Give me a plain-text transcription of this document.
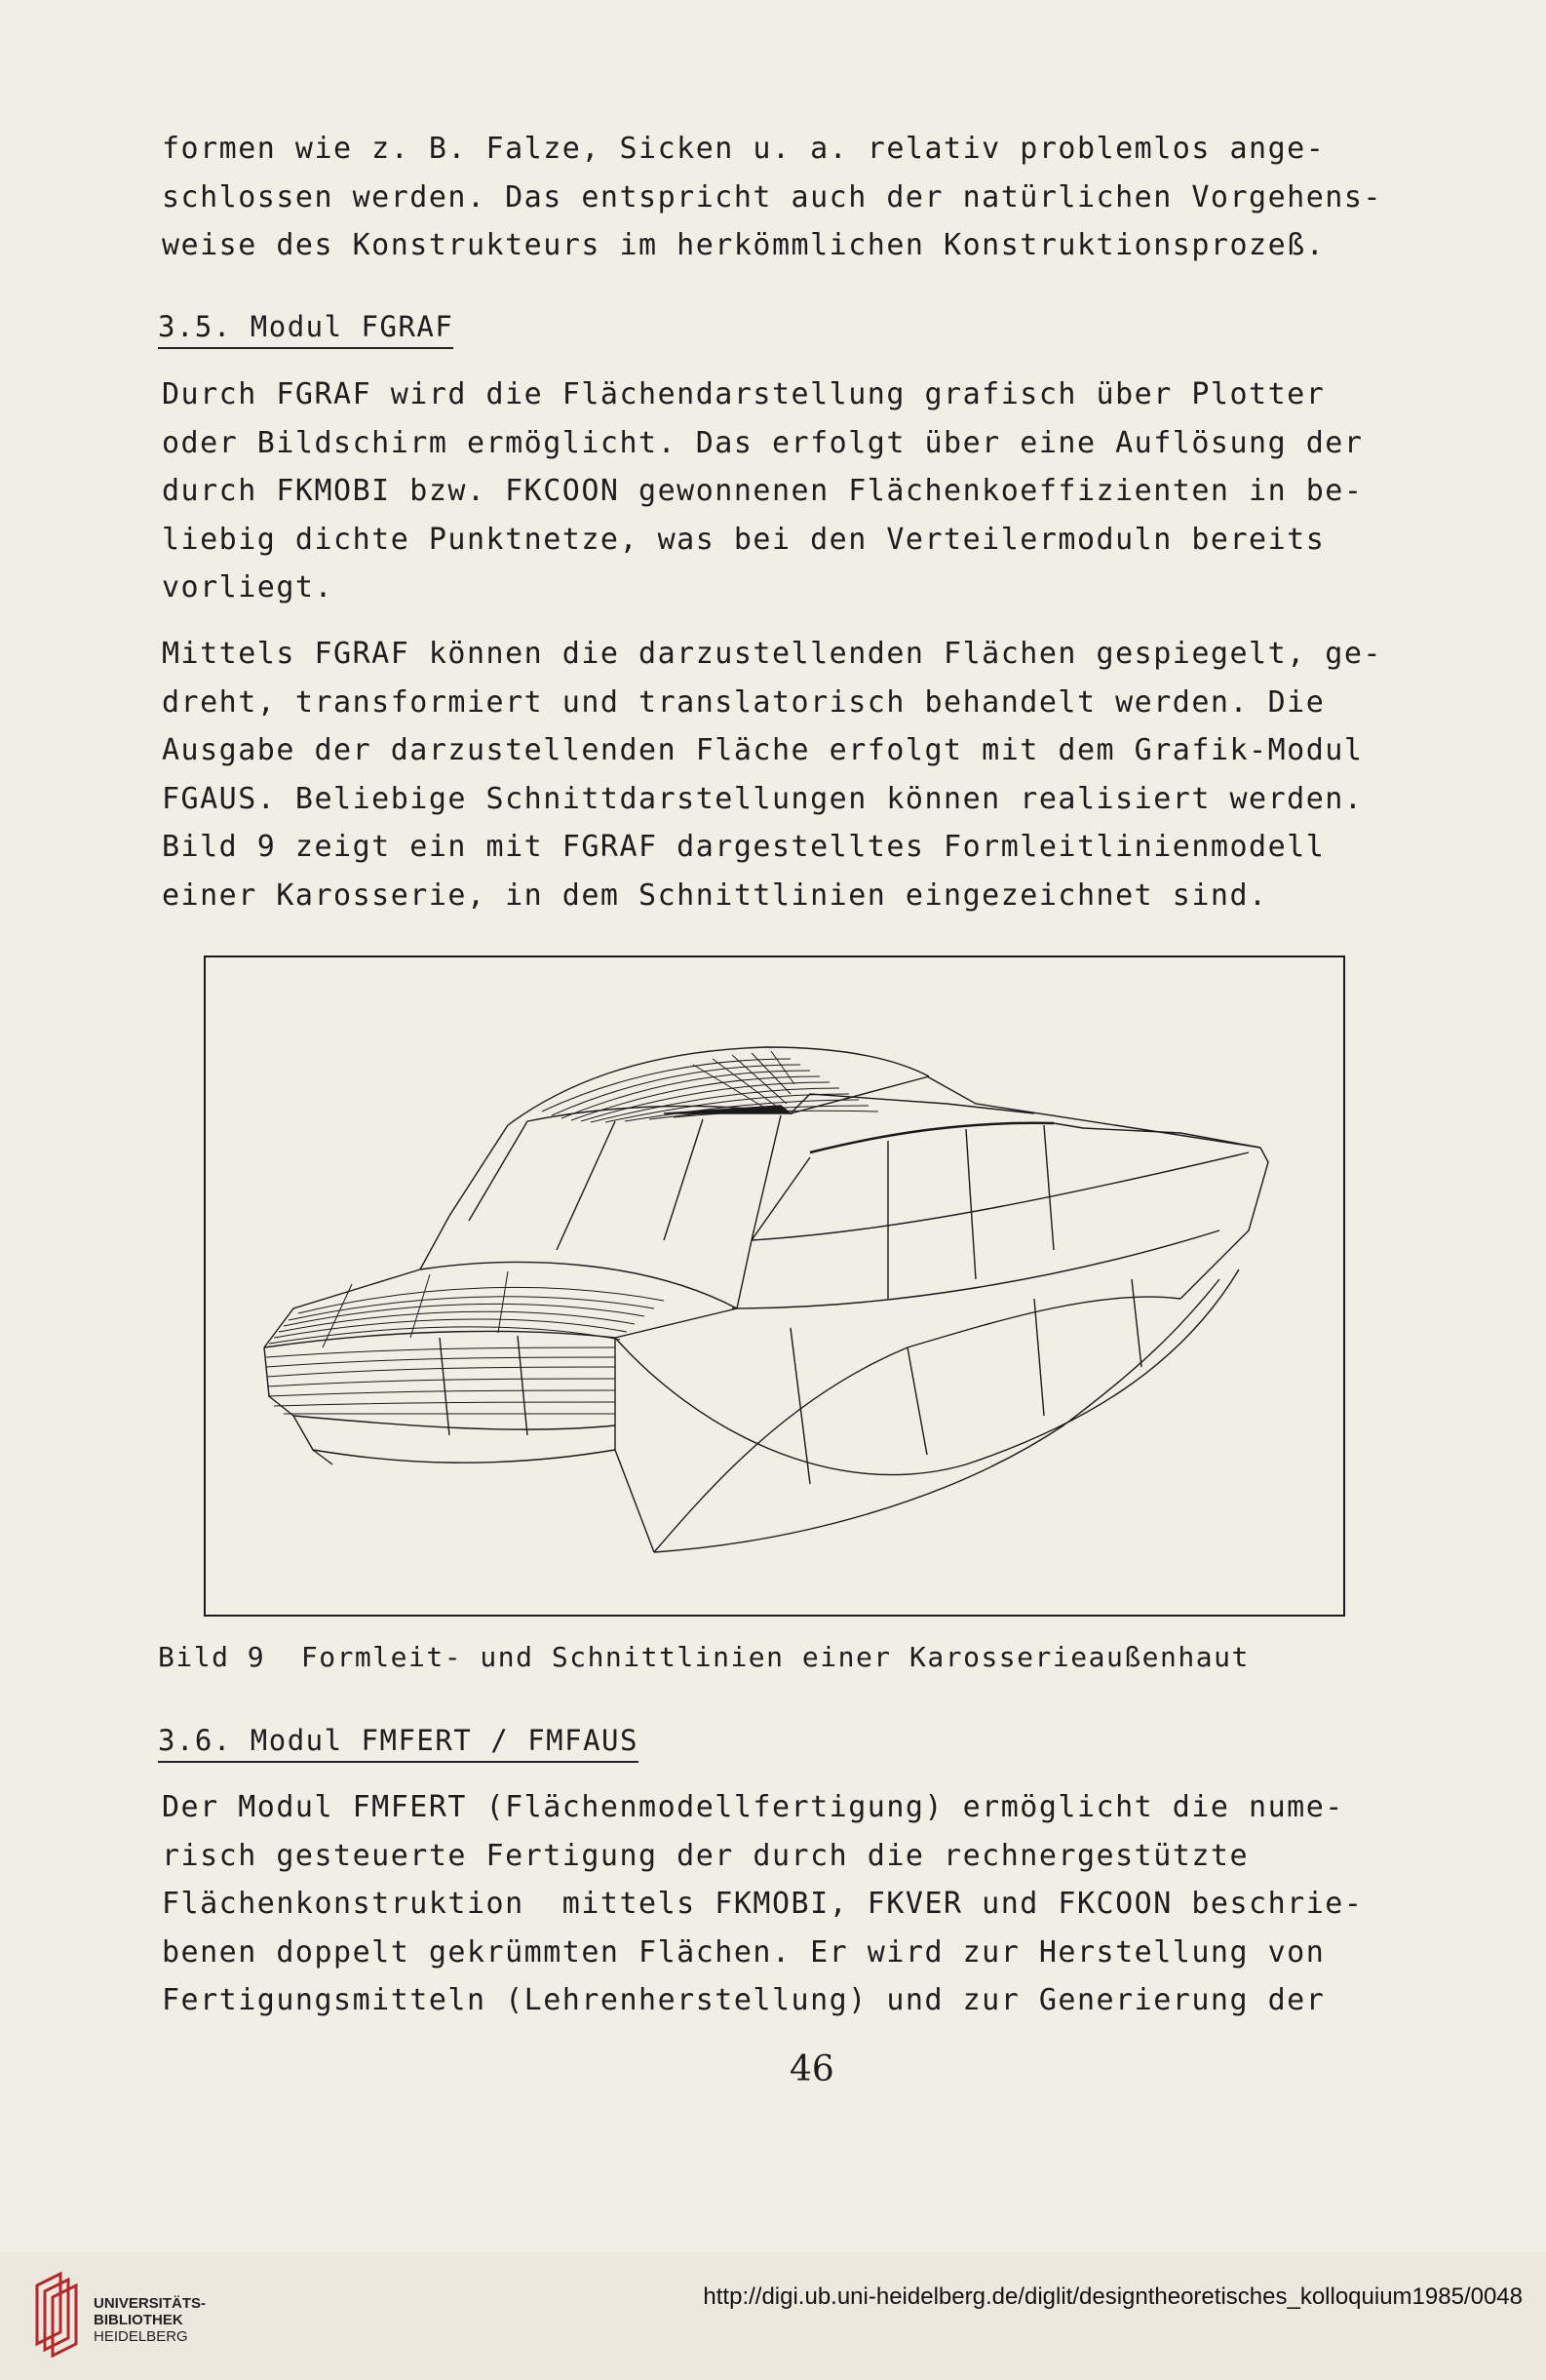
formen wie z. B. Falze, Sicken u. a. relativ problemlos ange-
schlossen werden. Das entspricht auch der natürlichen Vorgehens-
weise des Konstrukteurs im herkömmlichen Konstruktionsprozeß.
3.5. Modul FGRAF
Durch FGRAF wird die Flächendarstellung grafisch über Plotter
oder Bildschirm ermöglicht. Das erfolgt über eine Auflösung der
durch FKMOBI bzw. FKCOON gewonnenen Flächenkoeffizienten in be-
liebig dichte Punktnetze, was bei den Verteilermoduln bereits
vorliegt.
Mittels FGRAF können die darzustellenden Flächen gespiegelt, ge-
dreht, transformiert und translatorisch behandelt werden. Die
Ausgabe der darzustellenden Fläche erfolgt mit dem Grafik-Modul
FGAUS. Beliebige Schnittdarstellungen können realisiert werden.
Bild 9 zeigt ein mit FGRAF dargestelltes Formleitlinienmodell
einer Karosserie, in dem Schnittlinien eingezeichnet sind.
Bild 9  Formleit- und Schnittlinien einer Karosserieaußenhaut
3.6. Modul FMFERT / FMFAUS
Der Modul FMFERT (Flächenmodellfertigung) ermöglicht die nume-
risch gesteuerte Fertigung der durch die rechnergestützte
Flächenkonstruktion  mittels FKMOBI, FKVER und FKCOON beschrie-
benen doppelt gekrümmten Flächen. Er wird zur Herstellung von
Fertigungsmitteln (Lehrenherstellung) und zur Generierung der
46
UNIVERSITÄTS-
BIBLIOTHEK
HEIDELBERG
http://digi.ub.uni-heidelberg.de/diglit/designtheoretisches_kolloquium1985/0048
